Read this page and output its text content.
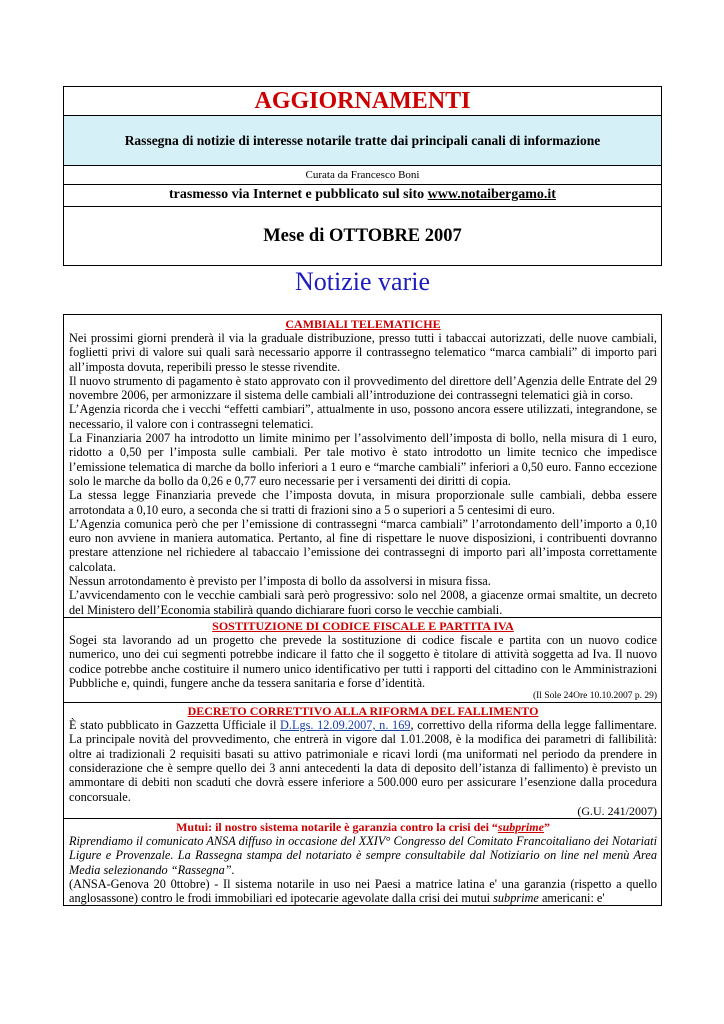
AGGIORNAMENTI
Rassegna di notizie di interesse notarile tratte dai principali canali di informazione
Curata da Francesco Boni
trasmesso via Internet e pubblicato sul sito www.notaibergamo.it
Mese di OTTOBRE 2007
Notizie varie
CAMBIALI TELEMATICHE

Nei prossimi giorni prenderà il via la graduale distribuzione, presso tutti i tabaccai autorizzati, delle nuove cambiali, foglietti privi di valore sui quali sarà necessario apporre il contrassegno telematico “marca cambiali” di importo pari all’imposta dovuta, reperibili presso le stesse rivendite.

Il nuovo strumento di pagamento è stato approvato con il provvedimento del direttore dell’Agenzia delle Entrate del 29 novembre 2006, per armonizzare il sistema delle cambiali all’introduzione dei contrassegni telematici già in corso.

L’Agenzia ricorda che i vecchi “effetti cambiari”, attualmente in uso, possono ancora essere utilizzati, integrandone, se necessario, il valore con i contrassegni telematici.

La Finanziaria 2007 ha introdotto un limite minimo per l’assolvimento dell’imposta di bollo, nella misura di 1 euro, ridotto a 0,50 per l’imposta sulle cambiali. Per tale motivo è stato introdotto un limite tecnico che impedisce l’emissione telematica di marche da bollo inferiori a 1 euro e “marche cambiali” inferiori a 0,50 euro. Fanno eccezione solo le marche da bollo da 0,26 e 0,77 euro necessarie per i versamenti dei diritti di copia.

La stessa legge Finanziaria prevede che l’imposta dovuta, in misura proporzionale sulle cambiali, debba essere arrotondata a 0,10 euro, a seconda che si tratti di frazioni sino a 5 o superiori a 5 centesimi di euro.

L’Agenzia comunica però che per l’emissione di contrassegni “marca cambiali” l’arrotondamento dell’importo a 0,10 euro non avviene in maniera automatica. Pertanto, al fine di rispettare le nuove disposizioni, i contribuenti dovranno prestare attenzione nel richiedere al tabaccaio l’emissione dei contrassegni di importo pari all’imposta correttamente calcolata.

Nessun arrotondamento è previsto per l’imposta di bollo da assolversi in misura fissa.

L’avvicendamento con le vecchie cambiali sarà però progressivo: solo nel 2008, a giacenze ormai smaltite, un decreto del Ministero dell’Economia stabilirà quando dichiarare fuori corso le vecchie cambiali.

SOSTITUZIONE DI CODICE FISCALE E PARTITA IVA

Sogei sta lavorando ad un progetto che prevede la sostituzione di codice fiscale e partita con un nuovo codice numerico, uno dei cui segmenti potrebbe indicare il fatto che il soggetto è titolare di attività soggetta ad Iva. Il nuovo codice potrebbe anche costituire il numero unico identificativo per tutti i rapporti del cittadino con le Amministrazioni Pubbliche e, quindi, fungere anche da tessera sanitaria e forse d’identità.

(Il Sole 24Ore 10.10.2007 p. 29)
DECRETO CORRETTIVO ALLA RIFORMA DEL FALLIMENTO

È stato pubblicato in Gazzetta Ufficiale il D.Lgs. 12.09.2007, n. 169, correttivo della riforma della legge fallimentare. La principale novità del provvedimento, che entrerà in vigore dal 1.01.2008, è la modifica dei parametri di fallibilità: oltre ai tradizionali 2 requisiti basati su attivo patrimoniale e ricavi lordi (ma uniformati nel periodo da prendere in considerazione che è sempre quello dei 3 anni antecedenti la data di deposito dell’istanza di fallimento) è previsto un ammontare di debiti non scaduti che dovrà essere inferiore a 500.000 euro per assicurare l’esenzione dalla procedura concorsuale.

(G.U. 241/2007)
Mutui: il nostro sistema notarile è garanzia contro la crisi dei “subprime”

Riprendiamo il comunicato ANSA diffuso in occasione del XXIV° Congresso del Comitato Francoitaliano dei Notariati Ligure e Provenzale. La Rassegna stampa del notariato è sempre consultabile dal Notiziario on line nel menù Area Media selezionando “Rassegna”.

(ANSA-Genova 20 0ttobre) - Il sistema notarile in uso nei Paesi a matrice latina e' una garanzia (rispetto a quello anglosassone) contro le frodi immobiliari ed ipotecarie agevolate dalla crisi dei mutui subprime americani: e'
